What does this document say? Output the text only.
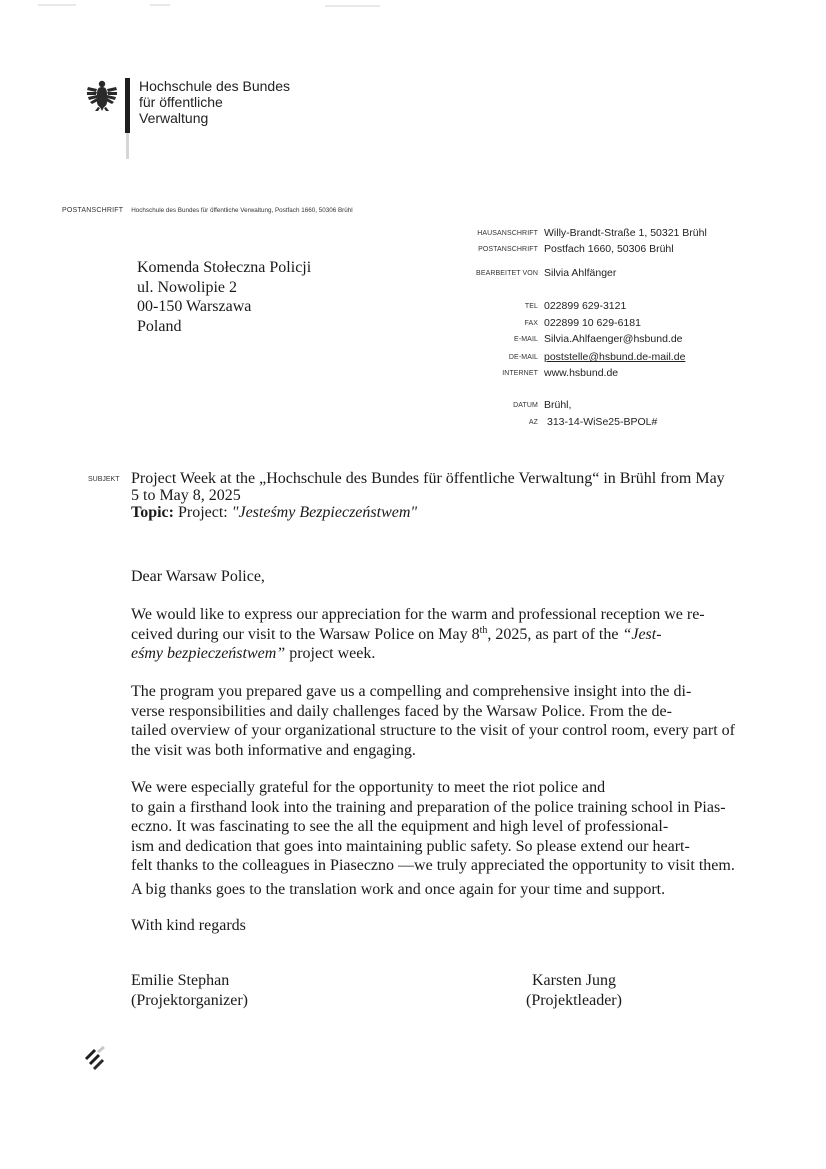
Hochschule des Bundes
für öffentliche
Verwaltung
POSTANSCHRIFT Hochschule des Bundes für öffentliche Verwaltung, Postfach 1660, 50306 Brühl
Komenda Stołeczna Policji
ul. Nowolipie 2
00-150 Warszawa
Poland
HAUSANSCHRIFT Willy-Brandt-Straße 1, 50321 Brühl
POSTANSCHRIFT Postfach 1660, 50306 Brühl
BEARBEITET VON Silvia Ahlfänger
TEL 022899 629-3121
FAX 022899 10 629-6181
E-MAIL Silvia.Ahlfaenger@hsbund.de
DE-MAIL poststelle@hsbund.de-mail.de
INTERNET www.hsbund.de
DATUM Brühl,
AZ 313-14-WiSe25-BPOL#
SUBJEKT Project Week at the „Hochschule des Bundes für öffentliche Verwaltung“ in Brühl from May
5 to May 8, 2025
Topic: Project: "Jesteśmy Bezpieczeństwem"

Dear Warsaw Police,

We would like to express our appreciation for the warm and professional reception we re-
ceived during our visit to the Warsaw Police on May 8th, 2025, as part of the “Jest-
eśmy bezpieczeństwem” project week.

The program you prepared gave us a compelling and comprehensive insight into the di-
verse responsibilities and daily challenges faced by the Warsaw Police. From the de-
tailed overview of your organizational structure to the visit of your control room, every part of
the visit was both informative and engaging.

We were especially grateful for the opportunity to meet the riot police and
to gain a firsthand look into the training and preparation of the police training school in Pias-
eczno. It was fascinating to see the all the equipment and high level of professional-
ism and dedication that goes into maintaining public safety. So please extend our heart-
felt thanks to the colleagues in Piaseczno —we truly appreciated the opportunity to visit them.

A big thanks goes to the translation work and once again for your time and support.

With kind regards

Emilie Stephan
(Projektorganizer)
Karsten Jung
(Projektleader)
